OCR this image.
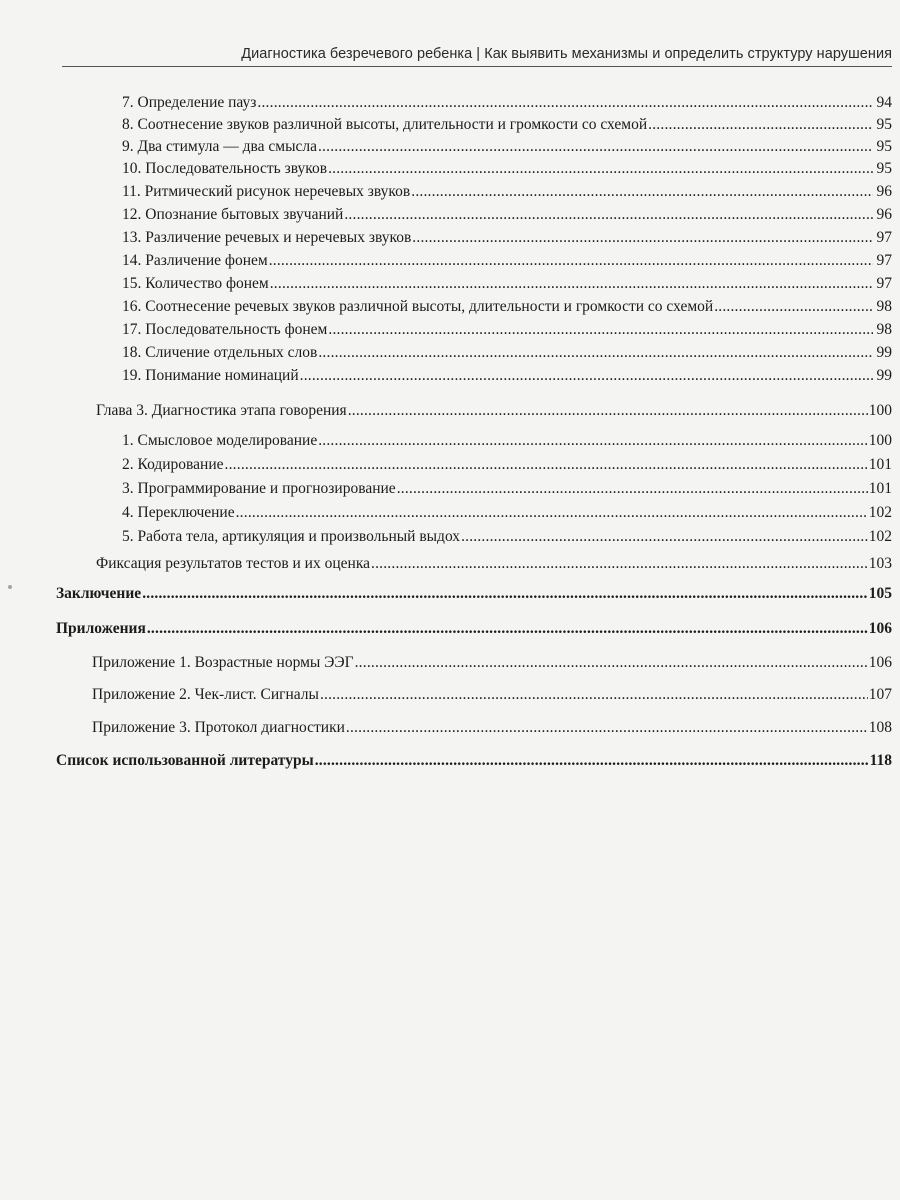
Диагностика безречевого ребенка | Как выявить механизмы и определить структуру нарушения
7. Определение пауз .....	94
8. Соотнесение звуков различной высоты, длительности и громкости со схемой .....	95
9. Два стимула — два смысла .....	95
10. Последовательность звуков .....	95
11. Ритмический рисунок неречевых звуков .....	96
12. Опознание бытовых звучаний .....	96
13. Различение речевых и неречевых звуков .....	97
14. Различение фонем .....	97
15. Количество фонем .....	97
16. Соотнесение речевых звуков различной высоты, длительности и громкости со схемой .....	98
17. Последовательность фонем .....	98
18. Сличение отдельных слов .....	99
19. Понимание номинаций .....	99
Глава 3. Диагностика этапа говорения .....	100
1. Смысловое моделирование .....	100
2. Кодирование .....	101
3. Программирование и прогнозирование .....	101
4. Переключение .....	102
5. Работа тела, артикуляция и произвольный выдох .....	102
Фиксация результатов тестов и их оценка .....	103
Заключение .....	105
Приложения .....	106
Приложение 1. Возрастные нормы ЭЭГ .....	106
Приложение 2. Чек-лист. Сигналы .....	107
Приложение 3. Протокол диагностики .....	108
Список использованной литературы .....	118
